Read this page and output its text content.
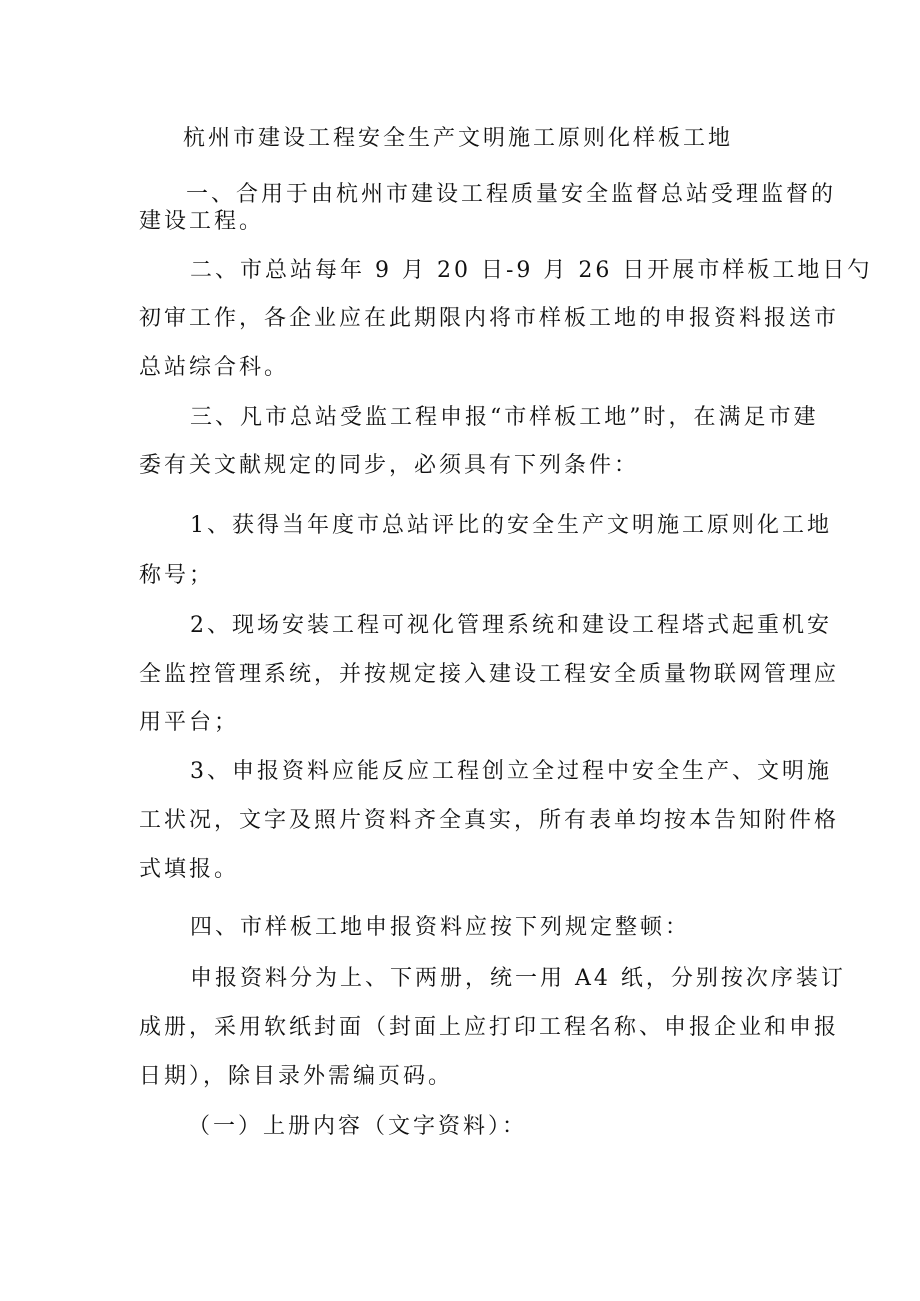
杭州市建设工程安全生产文明施工原则化样板工地
一、合用于由杭州市建设工程质量安全监督总站受理监督的
建设工程。
二、市总站每年 9 月 20 日-9 月 26 日开展市样板工地日勺
初审工作，各企业应在此期限内将市样板工地的申报资料报送市
总站综合科。
三、凡市总站受监工程申报“市样板工地”时，在满足市建
委有关文献规定的同步，必须具有下列条件：
1、获得当年度市总站评比的安全生产文明施工原则化工地
称号；
2、现场安装工程可视化管理系统和建设工程塔式起重机安
全监控管理系统，并按规定接入建设工程安全质量物联网管理应
用平台；
3、申报资料应能反应工程创立全过程中安全生产、文明施
工状况，文字及照片资料齐全真实，所有表单均按本告知附件格
式填报。
四、市样板工地申报资料应按下列规定整顿：
申报资料分为上、下两册，统一用 A4 纸，分别按次序装订
成册，采用软纸封面（封面上应打印工程名称、申报企业和申报
日期），除目录外需编页码。
（一）上册内容（文字资料）：
